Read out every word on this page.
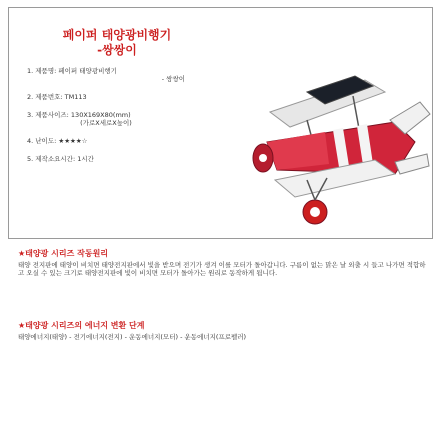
페이퍼 태양광비행기
-쌍쌍이
1. 제품명: 페이퍼 태양광비행기
- 쌍쌍이
2. 제품번호: TM113
3. 제품사이즈: 130X169X80(mm)
(가로X세로X높이)
4. 난이도: ★★★★☆
5. 제작소요시간: 1시간
★태양광 시리즈 작동원리

태양 전지판에 태양이 비치면 태양전지판에서 빛을 받으며 전기가 생겨 이를 모터가 돌아갑니다. 구름이 없는 맑은 날 외출 시 들고 나가면 적합하고 오실 수 있는 크기로 태양전지판에 빛이 비치면 모터가 돌아가는 원리로 동작하게 됩니다.

★태양광 시리즈의 에너지 변환 단계

태양에너지(태양) - 전기에너지(전지) - 운동에너지(모터) - 운동에너지(프로펠러)
